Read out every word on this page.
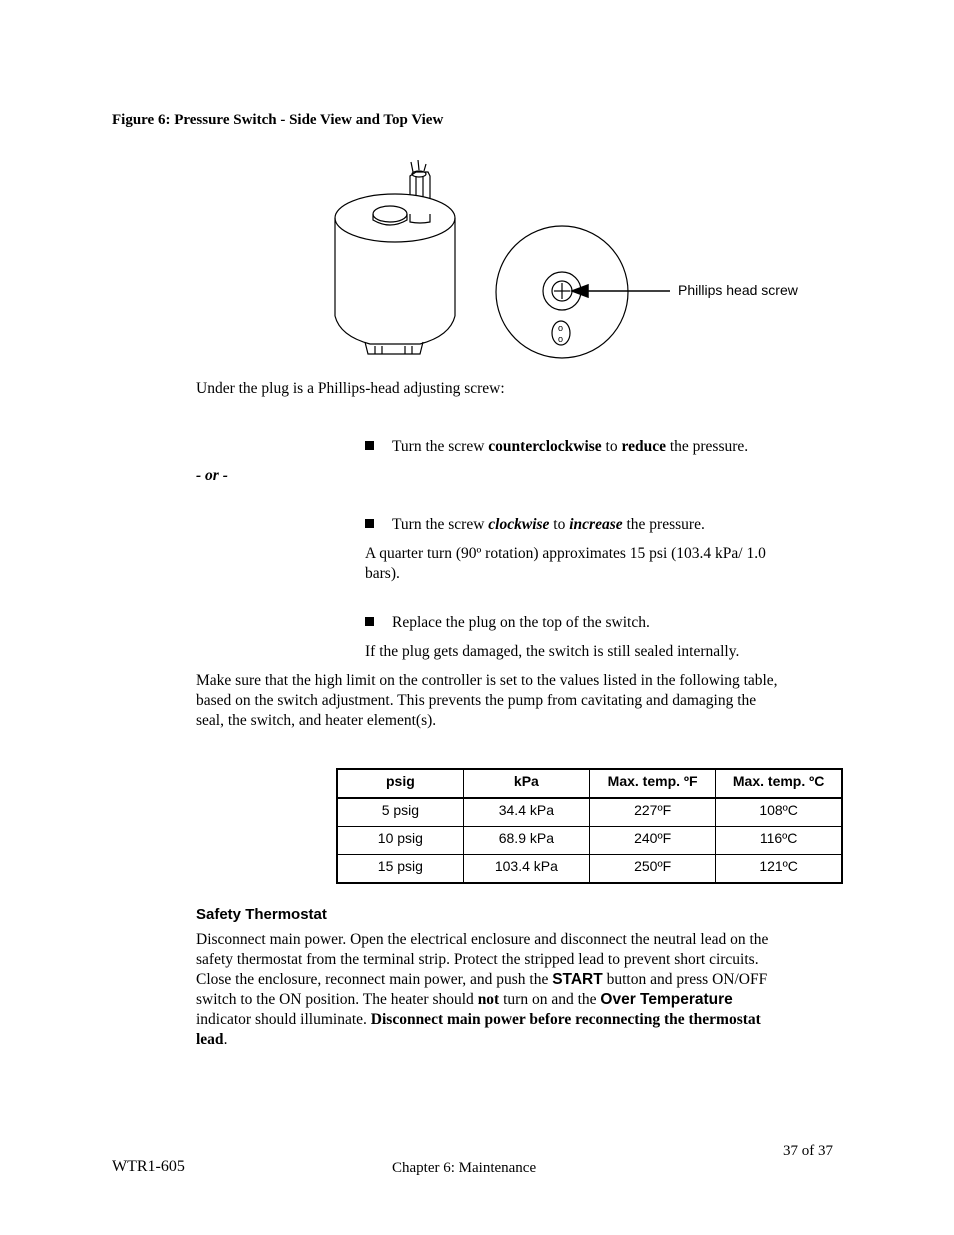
Figure 6: Pressure Switch - Side View and Top View
o
o
Phillips head screw
Under the plug is a Phillips-head adjusting screw:
Turn the screw counterclockwise to reduce the pressure.
- or -
Turn the screw clockwise to increase the pressure.
A quarter turn (90º rotation) approximates 15 psi (103.4 kPa/ 1.0
bars).
Replace the plug on the top of the switch.
If the plug gets damaged, the switch is still sealed internally.
Make sure that the high limit on the controller is set to the values listed in the following table,
based on the switch adjustment. This prevents the pump from cavitating and damaging the
seal, the switch, and heater element(s).
psig	kPa	Max. temp. ºF	Max. temp. ºC
5 psig	34.4 kPa	227ºF	108ºC
10 psig	68.9 kPa	240ºF	116ºC
15 psig	103.4 kPa	250ºF	121ºC
Safety Thermostat
Disconnect main power. Open the electrical enclosure and disconnect the neutral lead on the
safety thermostat from the terminal strip. Protect the stripped lead to prevent short circuits.
Close the enclosure, reconnect main power, and push the START button and press ON/OFF
switch to the ON position. The heater should not turn on and the Over Temperature
indicator should illuminate. Disconnect main power before reconnecting the thermostat
lead.
37 of 37
WTR1-605	Chapter 6: Maintenance
